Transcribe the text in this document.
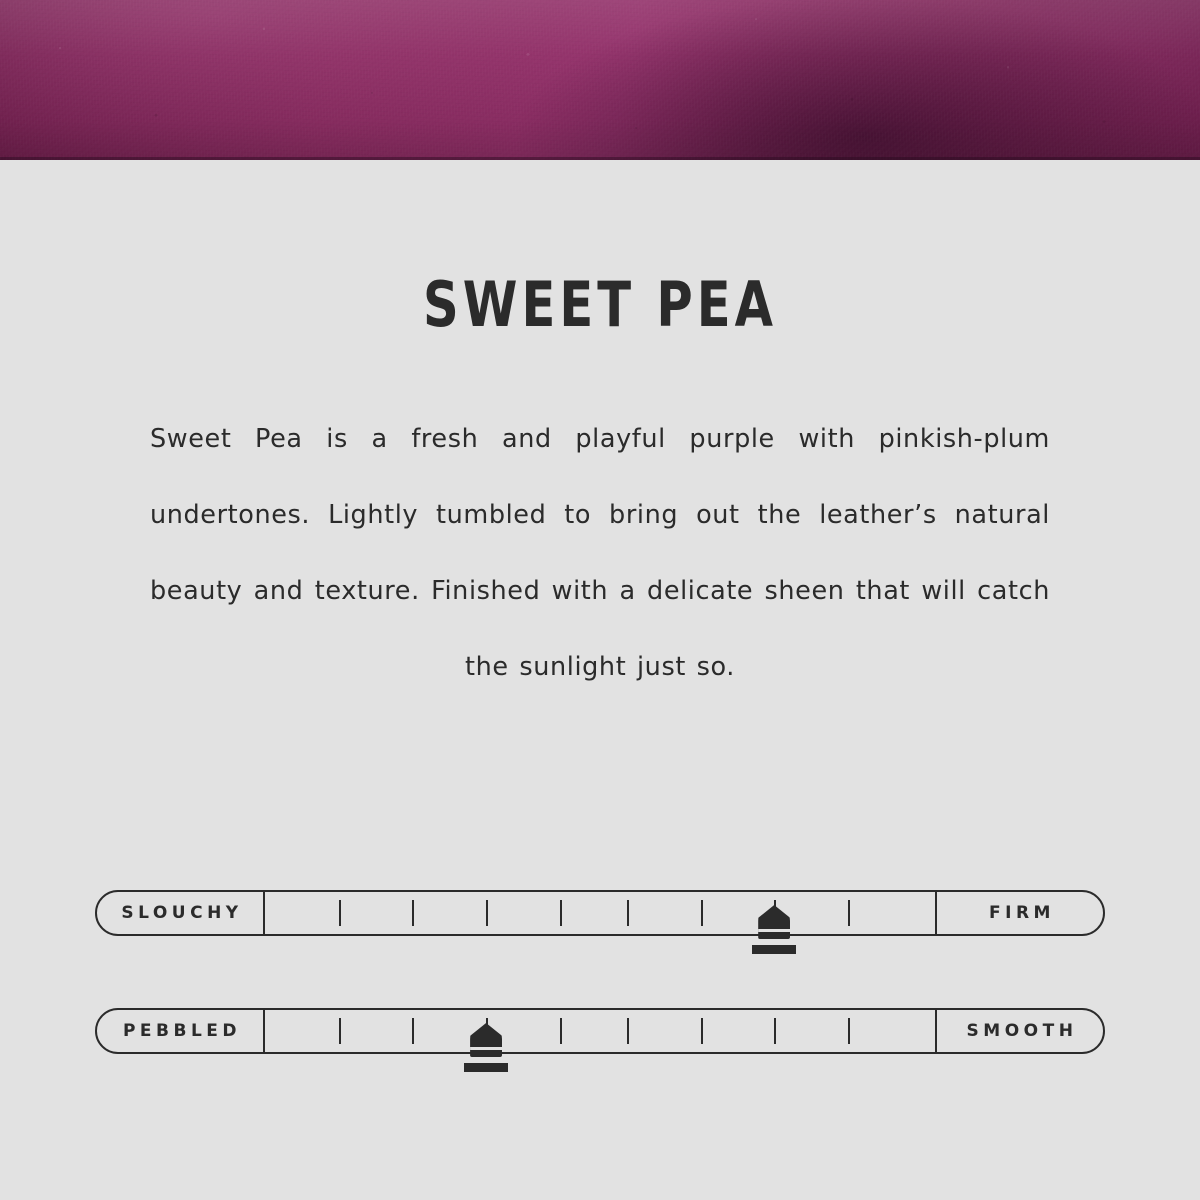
SWEET PEA

Sweet Pea is a fresh and playful purple with pinkish-plum undertones. Lightly tumbled to bring out the leather’s natural beauty and texture. Finished with a delicate sheen that will catch the sunlight just so.

SLOUCHY	FIRM
PEBBLED	SMOOTH
